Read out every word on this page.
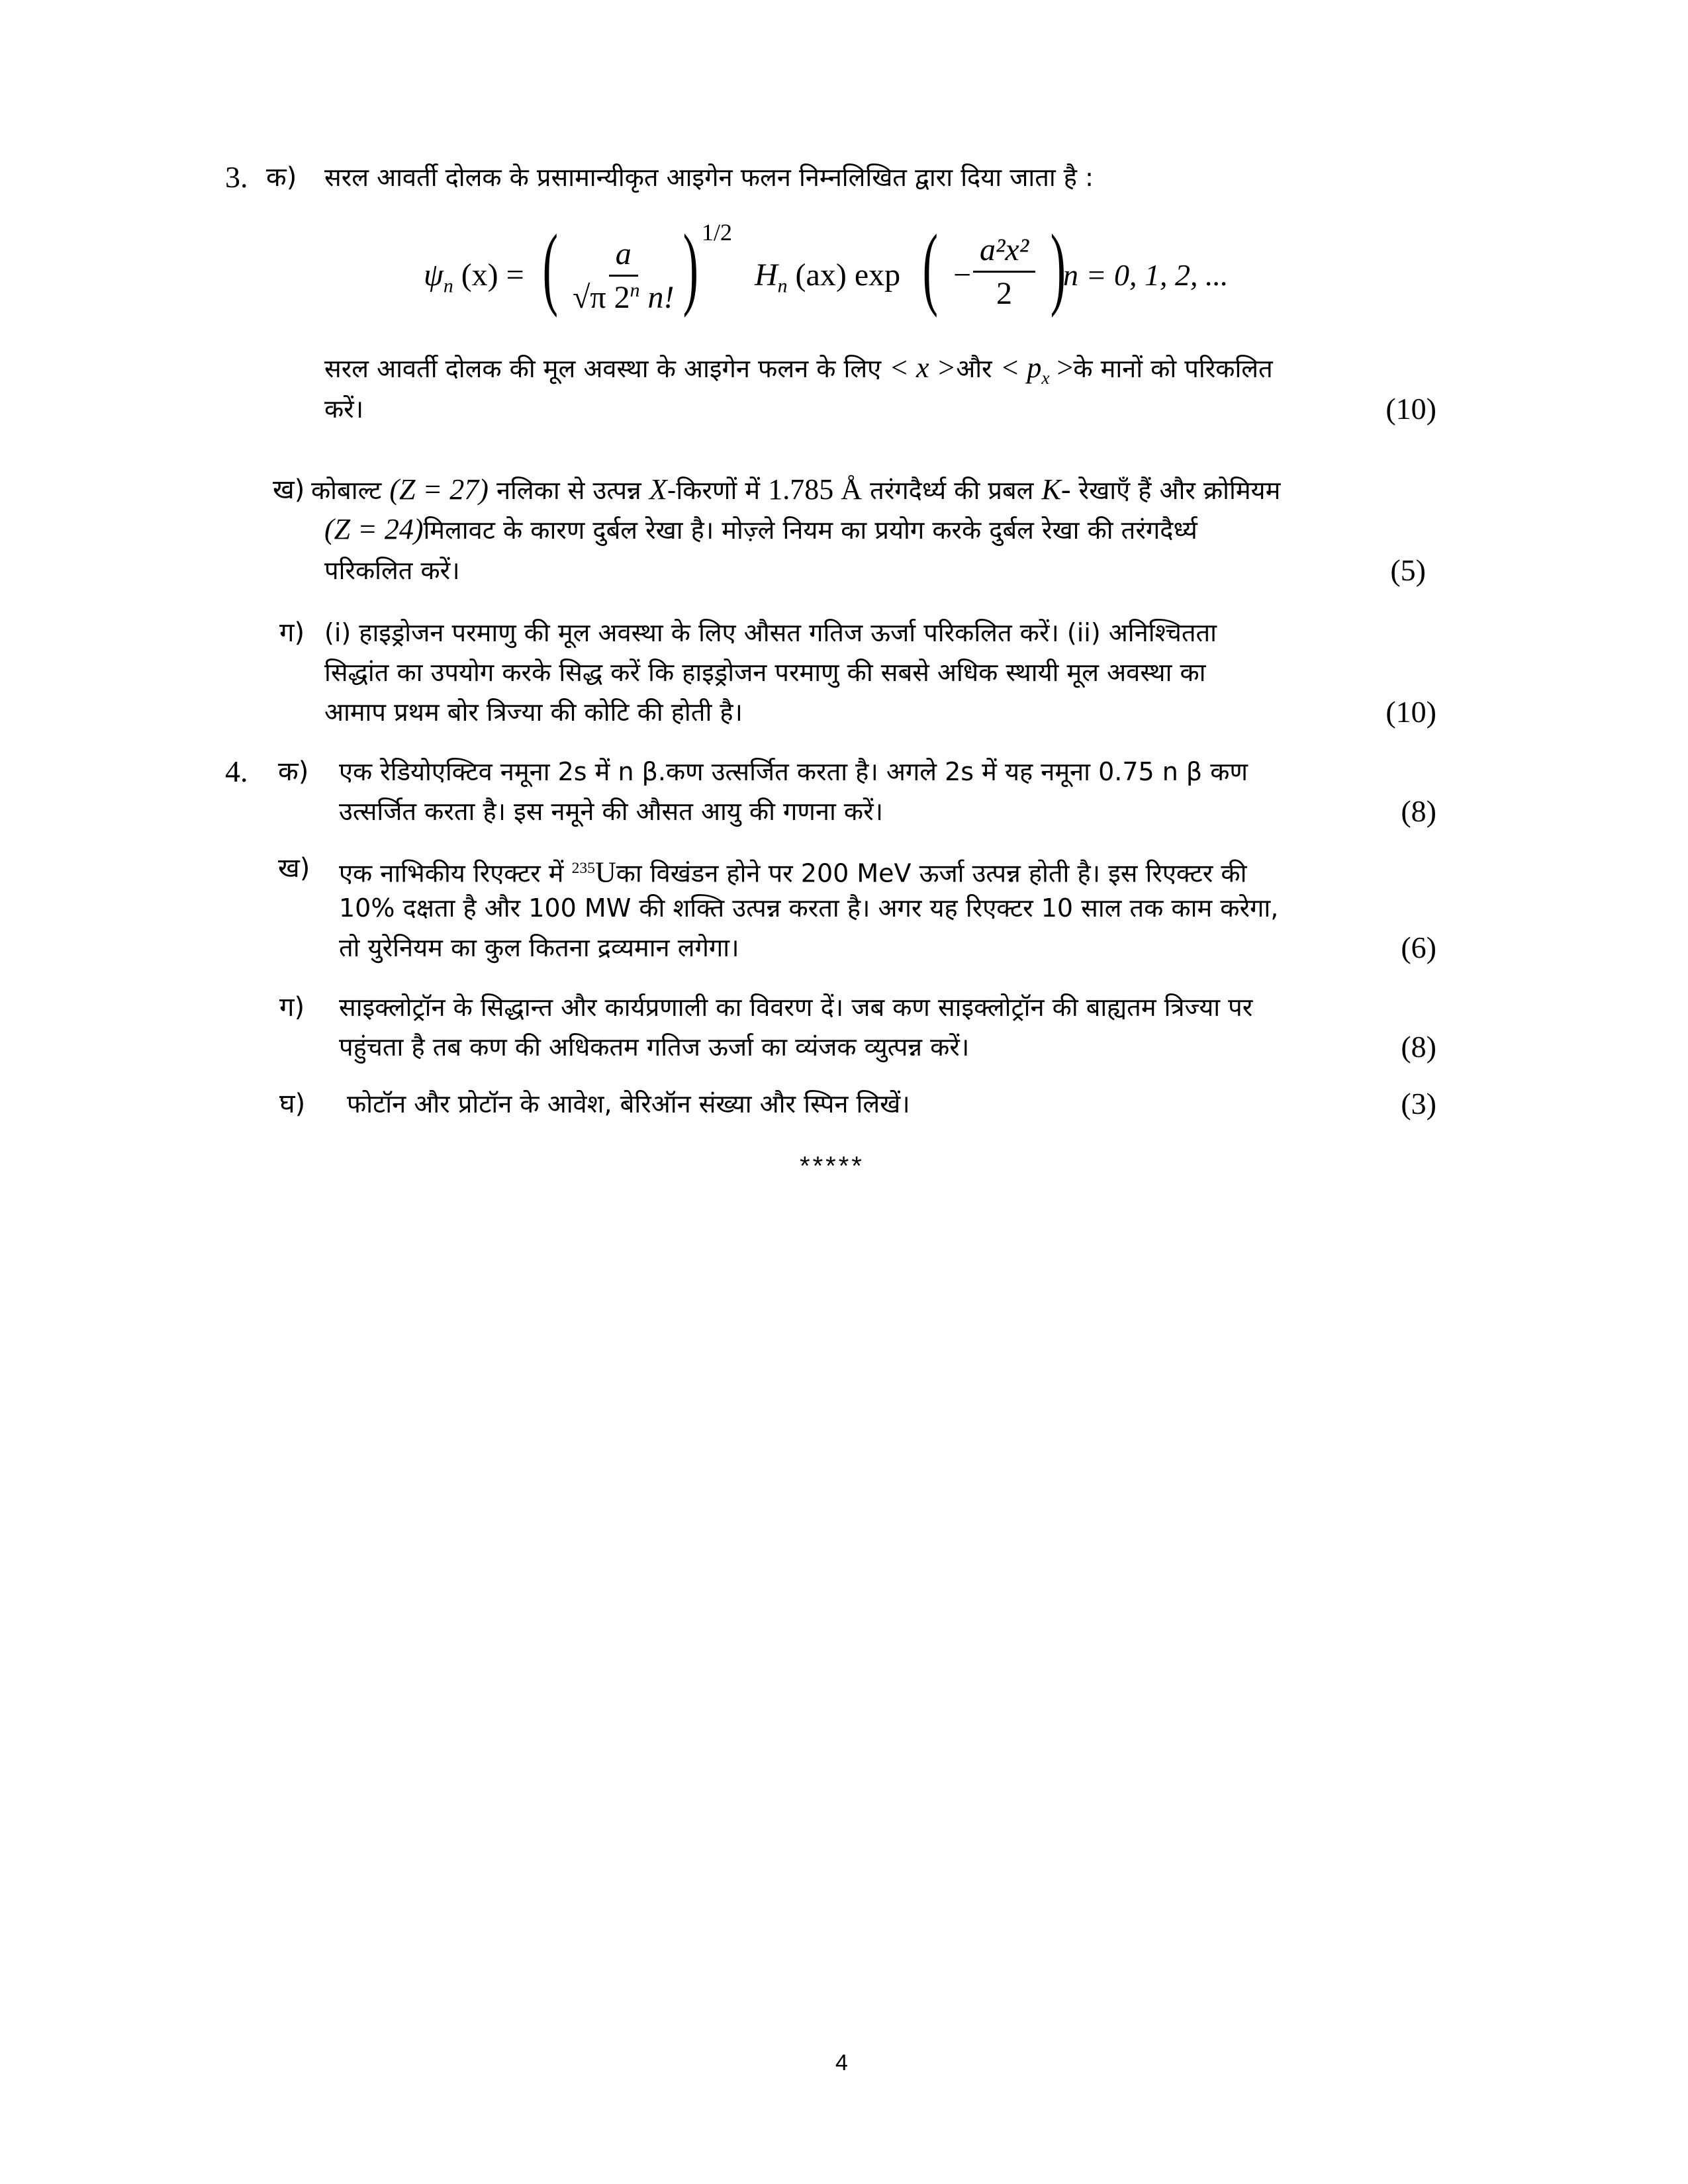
3. क) सरल आवर्ती दोलक के प्रसामान्यीकृत आइगेन फलन निम्नलिखित द्वारा दिया जाता है :
$\psi_n$ (x) = ( $\frac{a}{√\pi 2^n n!}$ ) 1/2
$H_n$ (ax) exp ( − $\frac{\text{a²x²}}{2}$ )
n = 0, 1, 2, ...
सरल आवर्ती दोलक की मूल अवस्था के आइगेन फलन के लिए < x >और < $p_x$ >के मानों को परिकलित
करें।	(10)
ख) कोबाल्ट (Z = 27) नलिका से उत्पन्न X-किरणों में 1.785 Å तरंगदैर्ध्य की प्रबल K- रेखाएँ हैं और क्रोमियम
(Z = 24)मिलावट के कारण दुर्बल रेखा है। मोज़्ले नियम का प्रयोग करके दुर्बल रेखा की तरंगदैर्ध्य
परिकलित करें।	(5)
ग) (i) हाइड्रोजन परमाणु की मूल अवस्था के लिए औसत गतिज ऊर्जा परिकलित करें। (ii) अनिश्चितता
सिद्धांत का उपयोग करके सिद्ध करें कि हाइड्रोजन परमाणु की सबसे अधिक स्थायी मूल अवस्था का
आमाप प्रथम बोर त्रिज्या की कोटि की होती है।	(10)
4. क) एक रेडियोएक्टिव नमूना 2s में n β.कण उत्सर्जित करता है। अगले 2s में यह नमूना 0.75 n β कण
उत्सर्जित करता है। इस नमूने की औसत आयु की गणना करें।	(8)
ख) एक नाभिकीय रिएक्टर में $^{235}$Uका विखंडन होने पर 200 MeV ऊर्जा उत्पन्न होती है। इस रिएक्टर की
10% दक्षता है और 100 MW की शक्ति उत्पन्न करता है। अगर यह रिएक्टर 10 साल तक काम करेगा,
तो युरेनियम का कुल कितना द्रव्यमान लगेगा।	(6)
ग) साइक्लोट्रॉन के सिद्धान्त और कार्यप्रणाली का विवरण दें। जब कण साइक्लोट्रॉन की बाह्यतम त्रिज्या पर
पहुंचता है तब कण की अधिकतम गतिज ऊर्जा का व्यंजक व्युत्पन्न करें।	(8)
घ) फोटॉन और प्रोटॉन के आवेश, बेरिऑन संख्या और स्पिन लिखें।	(3)
*****
4
